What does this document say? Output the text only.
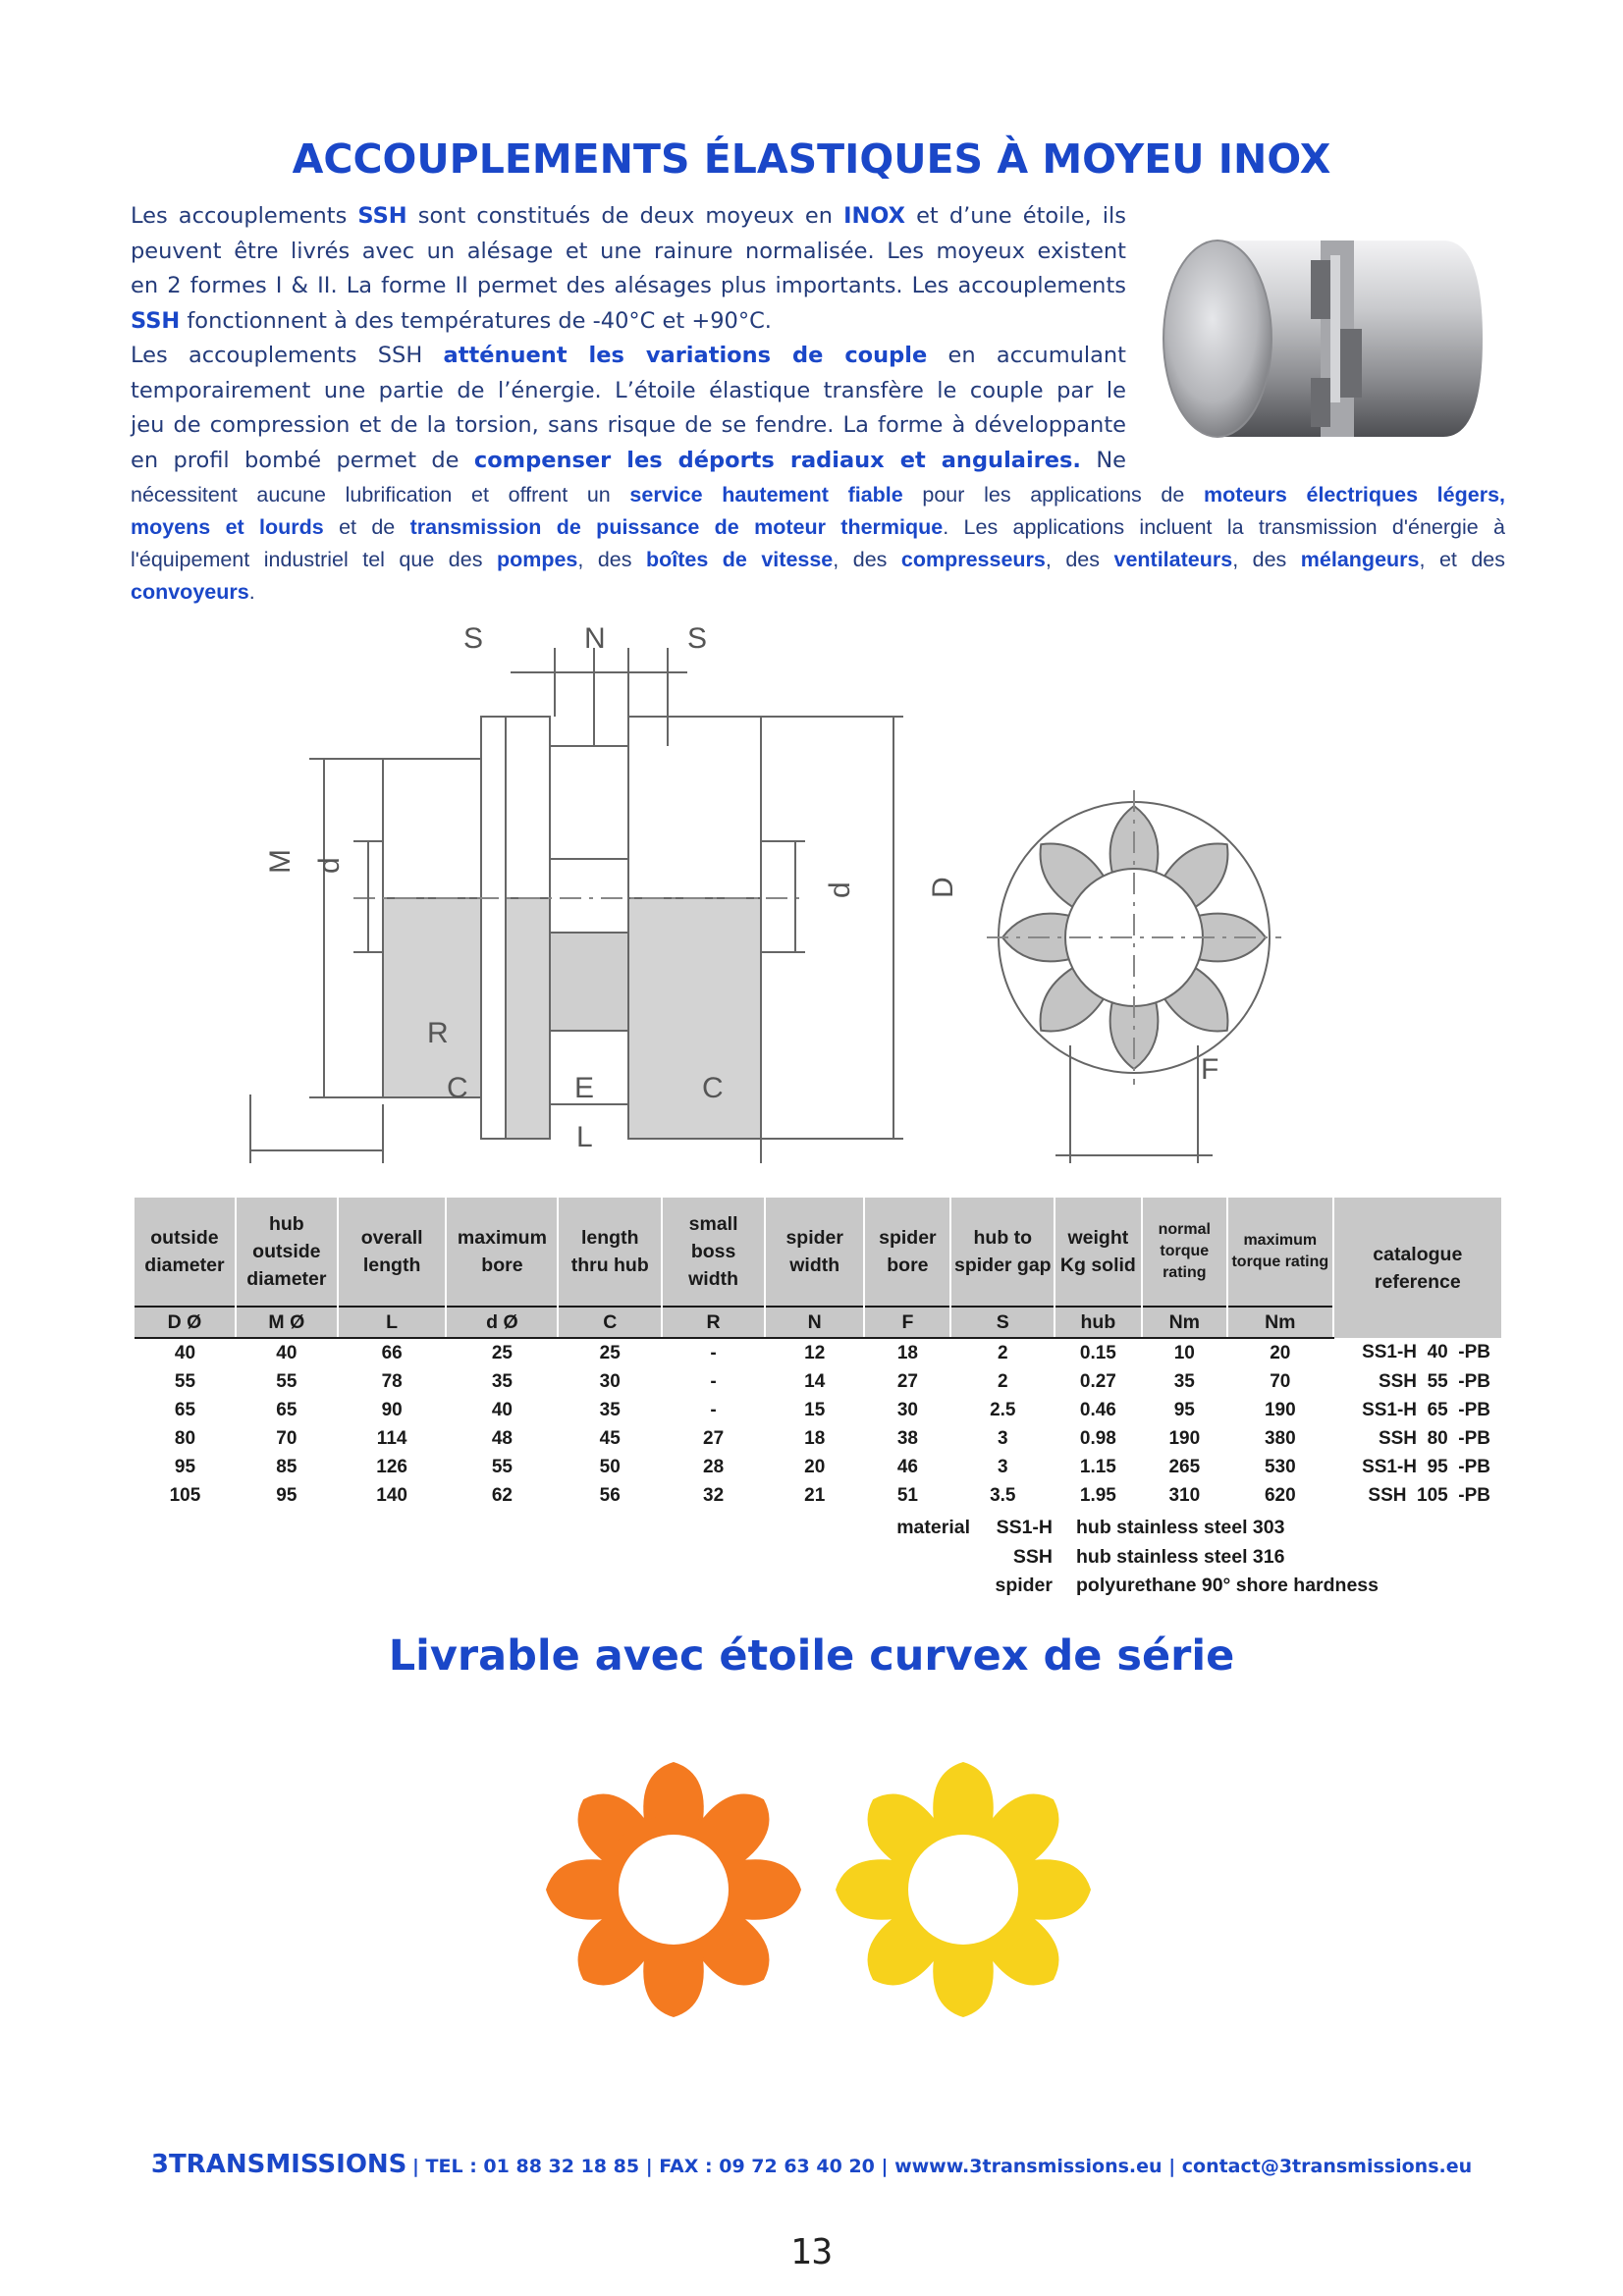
ACCOUPLEMENTS ÉLASTIQUES À MOYEU INOX
Les accouplements SSH sont constitués de deux moyeux en INOX et d’une étoile, ils
peuvent être livrés avec un alésage et une rainure normalisée. Les moyeux existent
en 2 formes I & II. La forme II permet des alésages plus importants. Les accouplements
SSH fonctionnent à des températures de -40°C et +90°C.
Les accouplements SSH atténuent les variations de couple en accumulant
temporairement une partie de l’énergie. L’étoile élastique transfère le couple par le
jeu de compression et de la torsion, sans risque de se fendre. La forme à développante
en profil bombé permet de compenser les déports radiaux et angulaires. Ne
nécessitent aucune lubrification et offrent un service hautement fiable pour les applications de moteurs électriques légers,
moyens et lourds et de transmission de puissance de moteur thermique. Les applications incluent la transmission d'énergie à
l'équipement industriel tel que des pompes, des boîtes de vitesse, des compresseurs, des ventilateurs, des mélangeurs, et des
convoyeurs.
S	N	S
M d
d D
R
C	E	C
L
F
outside diameter	hub outside diameter	overall length	maximum bore	length thru hub	small boss width	spider width	spider bore	hub to spider gap	weight Kg solid	normal torque rating	maximum torque rating	catalogue reference
D Ø	M Ø	L	d Ø	C	R	N	F	S	hub	Nm	Nm	
40	40	66	25	25	-	12	18	2	0.15	10	20	SS1-H  40  -PB
55	55	78	35	30	-	14	27	2	0.27	35	70	SSH  55  -PB
65	65	90	40	35	-	15	30	2.5	0.46	95	190	SS1-H  65  -PB
80	70	114	48	45	27	18	38	3	0.98	190	380	SSH  80  -PB
95	85	126	55	50	28	20	46	3	1.15	265	530	SS1-H  95  -PB
105	95	140	62	56	32	21	51	3.5	1.95	310	620	SSH  105  -PB
material SS1-H hub stainless steel 303
SSH hub stainless steel 316
spider polyurethane 90° shore hardness
Livrable avec étoile curvex de série
3TRANSMISSIONS | TEL : 01 88 32 18 85 | FAX : 09 72 63 40 20 | wwww.3transmissions.eu | contact@3transmissions.eu
13
